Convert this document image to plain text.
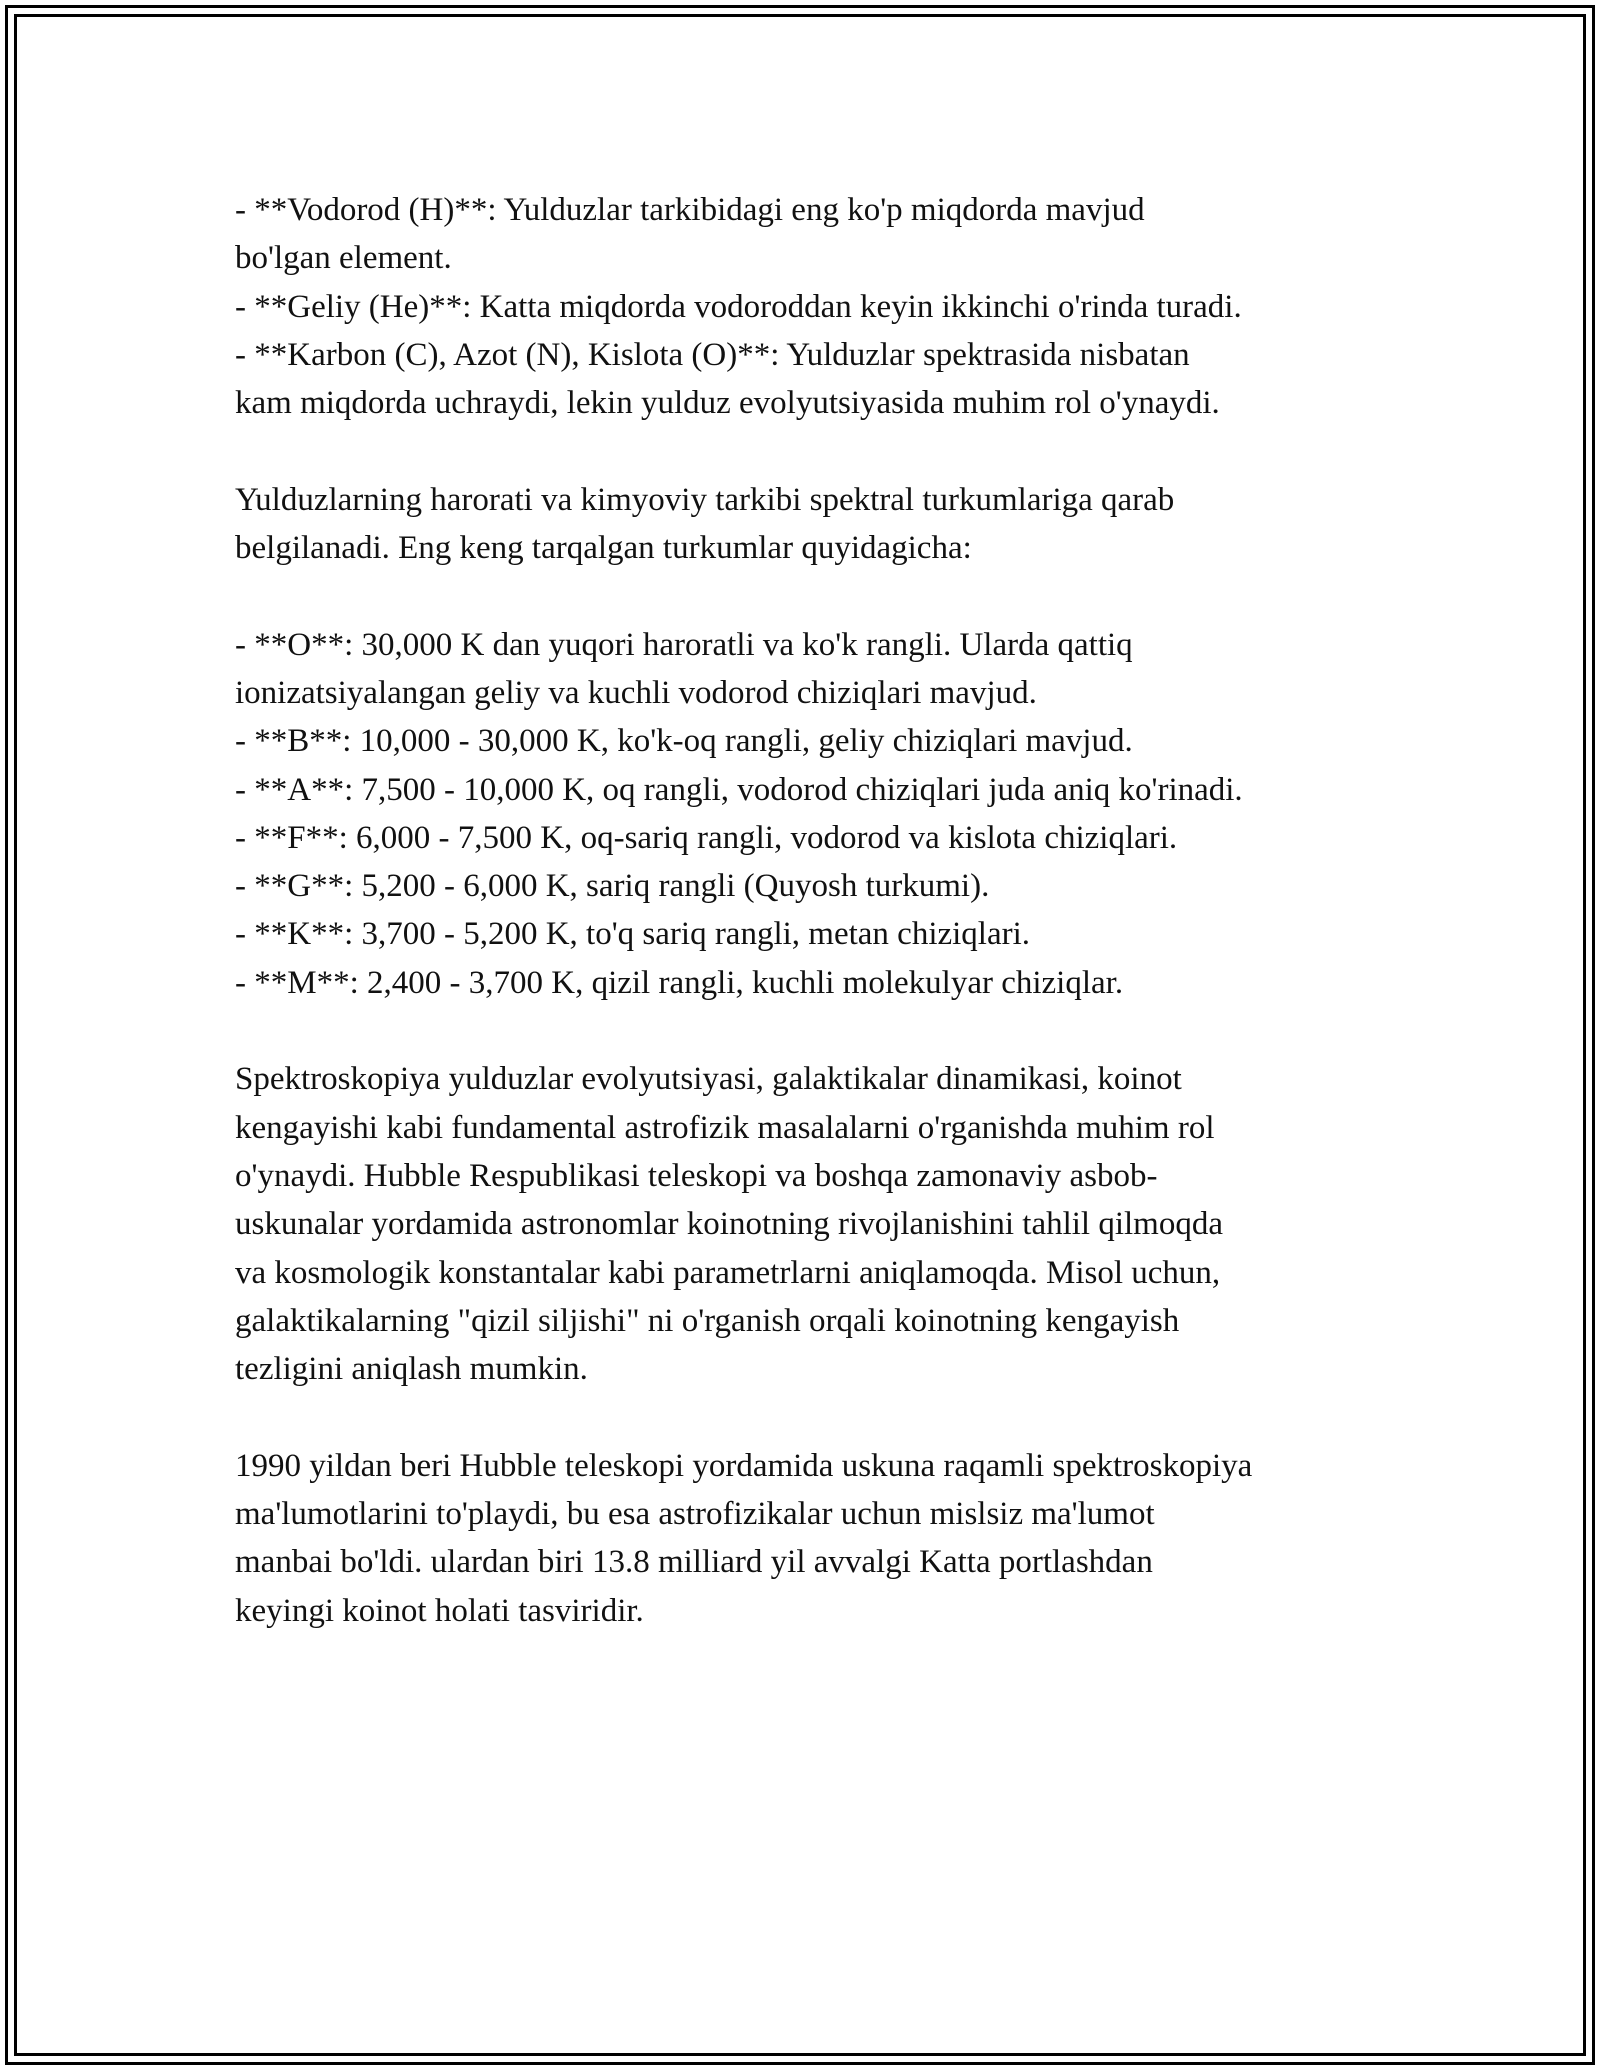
- **Vodorod (H)**: Yulduzlar tarkibidagi eng ko'p miqdorda mavjud
bo'lgan element.
- **Geliy (He)**: Katta miqdorda vodoroddan keyin ikkinchi o'rinda turadi.
- **Karbon (C), Azot (N), Kislota (O)**: Yulduzlar spektrasida nisbatan
kam miqdorda uchraydi, lekin yulduz evolyutsiyasida muhim rol o'ynaydi.
Yulduzlarning harorati va kimyoviy tarkibi spektral turkumlariga qarab
belgilanadi. Eng keng tarqalgan turkumlar quyidagicha:
- **O**: 30,000 K dan yuqori haroratli va ko'k rangli. Ularda qattiq
ionizatsiyalangan geliy va kuchli vodorod chiziqlari mavjud.
- **B**: 10,000 - 30,000 K, ko'k-oq rangli, geliy chiziqlari mavjud.
- **A**: 7,500 - 10,000 K, oq rangli, vodorod chiziqlari juda aniq ko'rinadi.
- **F**: 6,000 - 7,500 K, oq-sariq rangli, vodorod va kislota chiziqlari.
- **G**: 5,200 - 6,000 K, sariq rangli (Quyosh turkumi).
- **K**: 3,700 - 5,200 K, to'q sariq rangli, metan chiziqlari.
- **M**: 2,400 - 3,700 K, qizil rangli, kuchli molekulyar chiziqlar.
Spektroskopiya yulduzlar evolyutsiyasi, galaktikalar dinamikasi, koinot
kengayishi kabi fundamental astrofizik masalalarni o'rganishda muhim rol
o'ynaydi. Hubble Respublikasi teleskopi va boshqa zamonaviy asbob-
uskunalar yordamida astronomlar koinotning rivojlanishini tahlil qilmoqda
va kosmologik konstantalar kabi parametrlarni aniqlamoqda. Misol uchun,
galaktikalarning "qizil siljishi" ni o'rganish orqali koinotning kengayish
tezligini aniqlash mumkin.
1990 yildan beri Hubble teleskopi yordamida uskuna raqamli spektroskopiya
ma'lumotlarini to'playdi, bu esa astrofizikalar uchun mislsiz ma'lumot
manbai bo'ldi. ulardan biri 13.8 milliard yil avvalgi Katta portlashdan
keyingi koinot holati tasviridir.
